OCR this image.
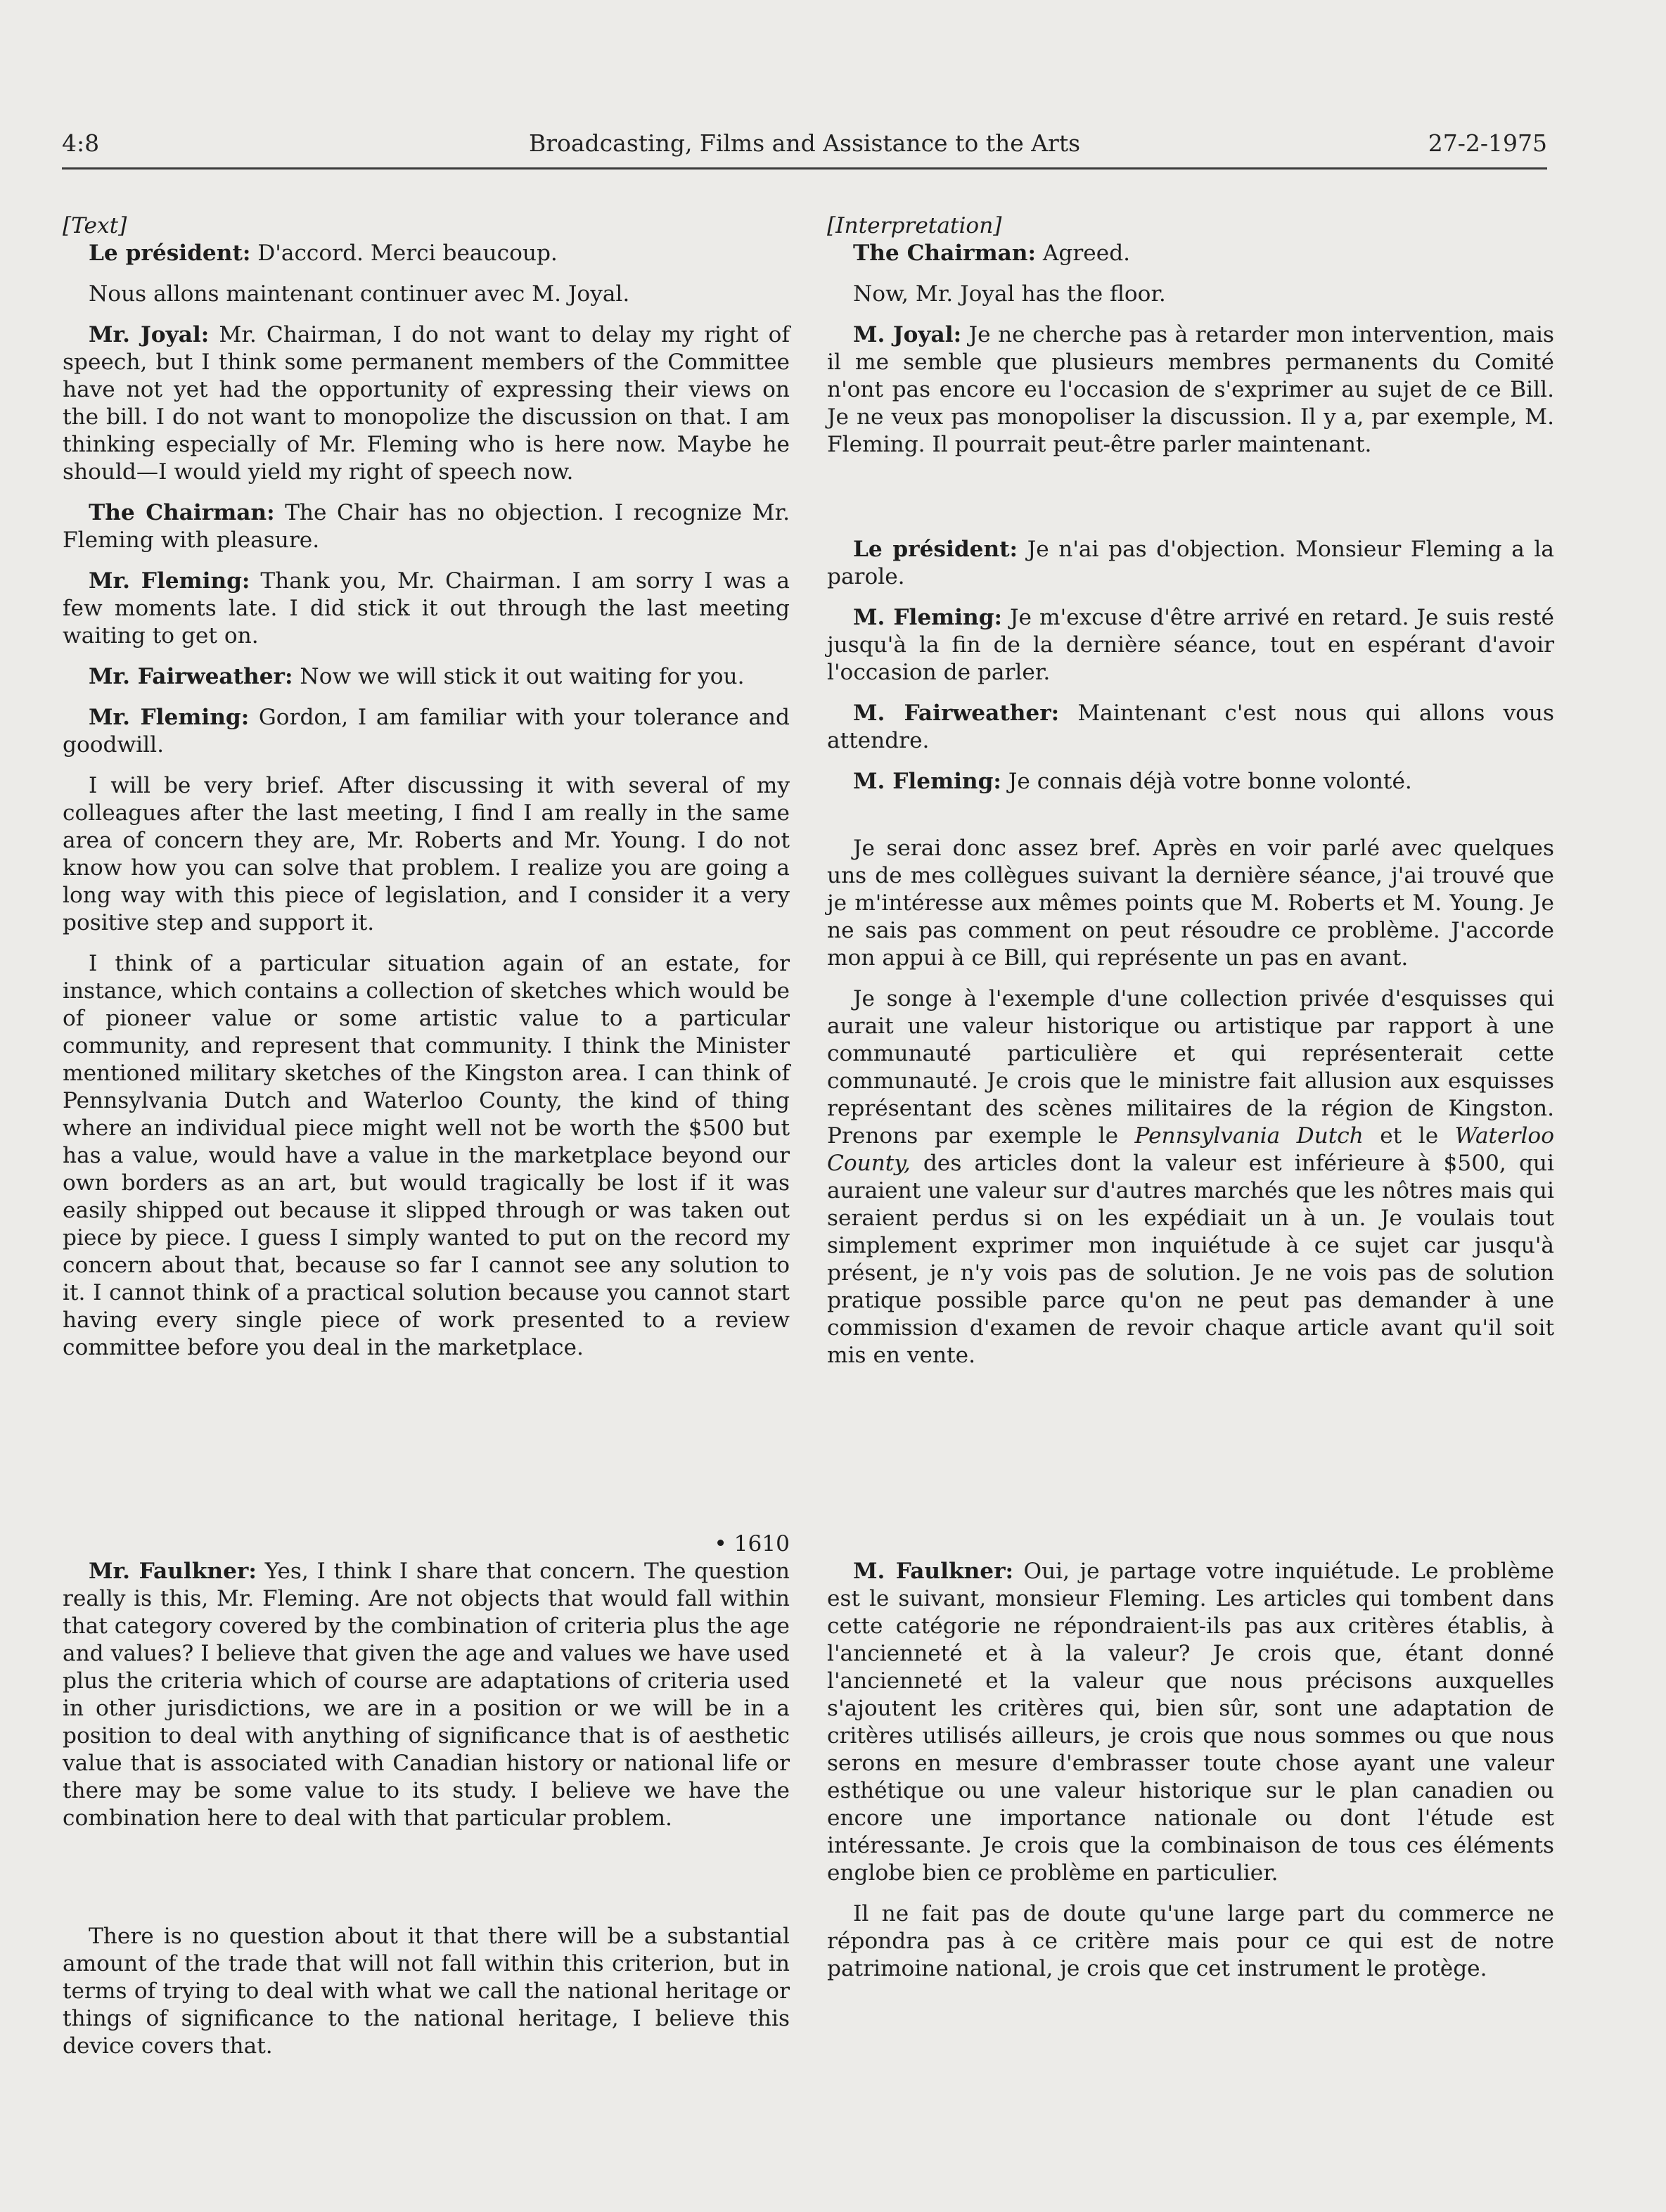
4:8	Broadcasting, Films and Assistance to the Arts	27-2-1975

[Text]

Le président: D'accord. Merci beaucoup.

Nous allons maintenant continuer avec M. Joyal.

Mr. Joyal: Mr. Chairman, I do not want to delay my right of speech, but I think some permanent members of the Committee have not yet had the opportunity of expressing their views on the bill. I do not want to monopolize the discussion on that. I am thinking especially of Mr. Fleming who is here now. Maybe he should—I would yield my right of speech now.

The Chairman: The Chair has no objection. I recognize Mr. Fleming with pleasure.

Mr. Fleming: Thank you, Mr. Chairman. I am sorry I was a few moments late. I did stick it out through the last meeting waiting to get on.

Mr. Fairweather: Now we will stick it out waiting for you.

Mr. Fleming: Gordon, I am familiar with your tolerance and goodwill.

I will be very brief. After discussing it with several of my colleagues after the last meeting, I find I am really in the same area of concern they are, Mr. Roberts and Mr. Young. I do not know how you can solve that problem. I realize you are going a long way with this piece of legislation, and I consider it a very positive step and support it.

I think of a particular situation again of an estate, for instance, which contains a collection of sketches which would be of pioneer value or some artistic value to a particular community, and represent that community. I think the Minister mentioned military sketches of the Kingston area. I can think of Pennsylvania Dutch and Waterloo County, the kind of thing where an individual piece might well not be worth the $500 but has a value, would have a value in the marketplace beyond our own borders as an art, but would tragically be lost if it was easily shipped out because it slipped through or was taken out piece by piece. I guess I simply wanted to put on the record my concern about that, because so far I cannot see any solution to it. I cannot think of a practical solution because you cannot start having every single piece of work presented to a review committee before you deal in the marketplace.

• 1610

Mr. Faulkner: Yes, I think I share that concern. The question really is this, Mr. Fleming. Are not objects that would fall within that category covered by the combination of criteria plus the age and values? I believe that given the age and values we have used plus the criteria which of course are adaptations of criteria used in other jurisdictions, we are in a position or we will be in a position to deal with anything of significance that is of aesthetic value that is associated with Canadian history or national life or there may be some value to its study. I believe we have the combination here to deal with that particular problem.

There is no question about it that there will be a substantial amount of the trade that will not fall within this criterion, but in terms of trying to deal with what we call the national heritage or things of significance to the national heritage, I believe this device covers that.

[Interpretation]

The Chairman: Agreed.

Now, Mr. Joyal has the floor.

M. Joyal: Je ne cherche pas à retarder mon intervention, mais il me semble que plusieurs membres permanents du Comité n'ont pas encore eu l'occasion de s'exprimer au sujet de ce Bill. Je ne veux pas monopoliser la discussion. Il y a, par exemple, M. Fleming. Il pourrait peut-être parler maintenant.

Le président: Je n'ai pas d'objection. Monsieur Fleming a la parole.

M. Fleming: Je m'excuse d'être arrivé en retard. Je suis resté jusqu'à la fin de la dernière séance, tout en espérant d'avoir l'occasion de parler.

M. Fairweather: Maintenant c'est nous qui allons vous attendre.

M. Fleming: Je connais déjà votre bonne volonté.

Je serai donc assez bref. Après en voir parlé avec quelques uns de mes collègues suivant la dernière séance, j'ai trouvé que je m'intéresse aux mêmes points que M. Roberts et M. Young. Je ne sais pas comment on peut résoudre ce problème. J'accorde mon appui à ce Bill, qui représente un pas en avant.

Je songe à l'exemple d'une collection privée d'esquisses qui aurait une valeur historique ou artistique par rapport à une communauté particulière et qui représenterait cette communauté. Je crois que le ministre fait allusion aux esquisses représentant des scènes militaires de la région de Kingston. Prenons par exemple le Pennsylvania Dutch et le Waterloo County, des articles dont la valeur est inférieure à $500, qui auraient une valeur sur d'autres marchés que les nôtres mais qui seraient perdus si on les expédiait un à un. Je voulais tout simplement exprimer mon inquiétude à ce sujet car jusqu'à présent, je n'y vois pas de solution. Je ne vois pas de solution pratique possible parce qu'on ne peut pas demander à une commission d'examen de revoir chaque article avant qu'il soit mis en vente.

M. Faulkner: Oui, je partage votre inquiétude. Le problème est le suivant, monsieur Fleming. Les articles qui tombent dans cette catégorie ne répondraient-ils pas aux critères établis, à l'ancienneté et à la valeur? Je crois que, étant donné l'ancienneté et la valeur que nous précisons auxquelles s'ajoutent les critères qui, bien sûr, sont une adaptation de critères utilisés ailleurs, je crois que nous sommes ou que nous serons en mesure d'embrasser toute chose ayant une valeur esthétique ou une valeur historique sur le plan canadien ou encore une importance nationale ou dont l'étude est intéressante. Je crois que la combinaison de tous ces éléments englobe bien ce problème en particulier.

Il ne fait pas de doute qu'une large part du commerce ne répondra pas à ce critère mais pour ce qui est de notre patrimoine national, je crois que cet instrument le protège.
